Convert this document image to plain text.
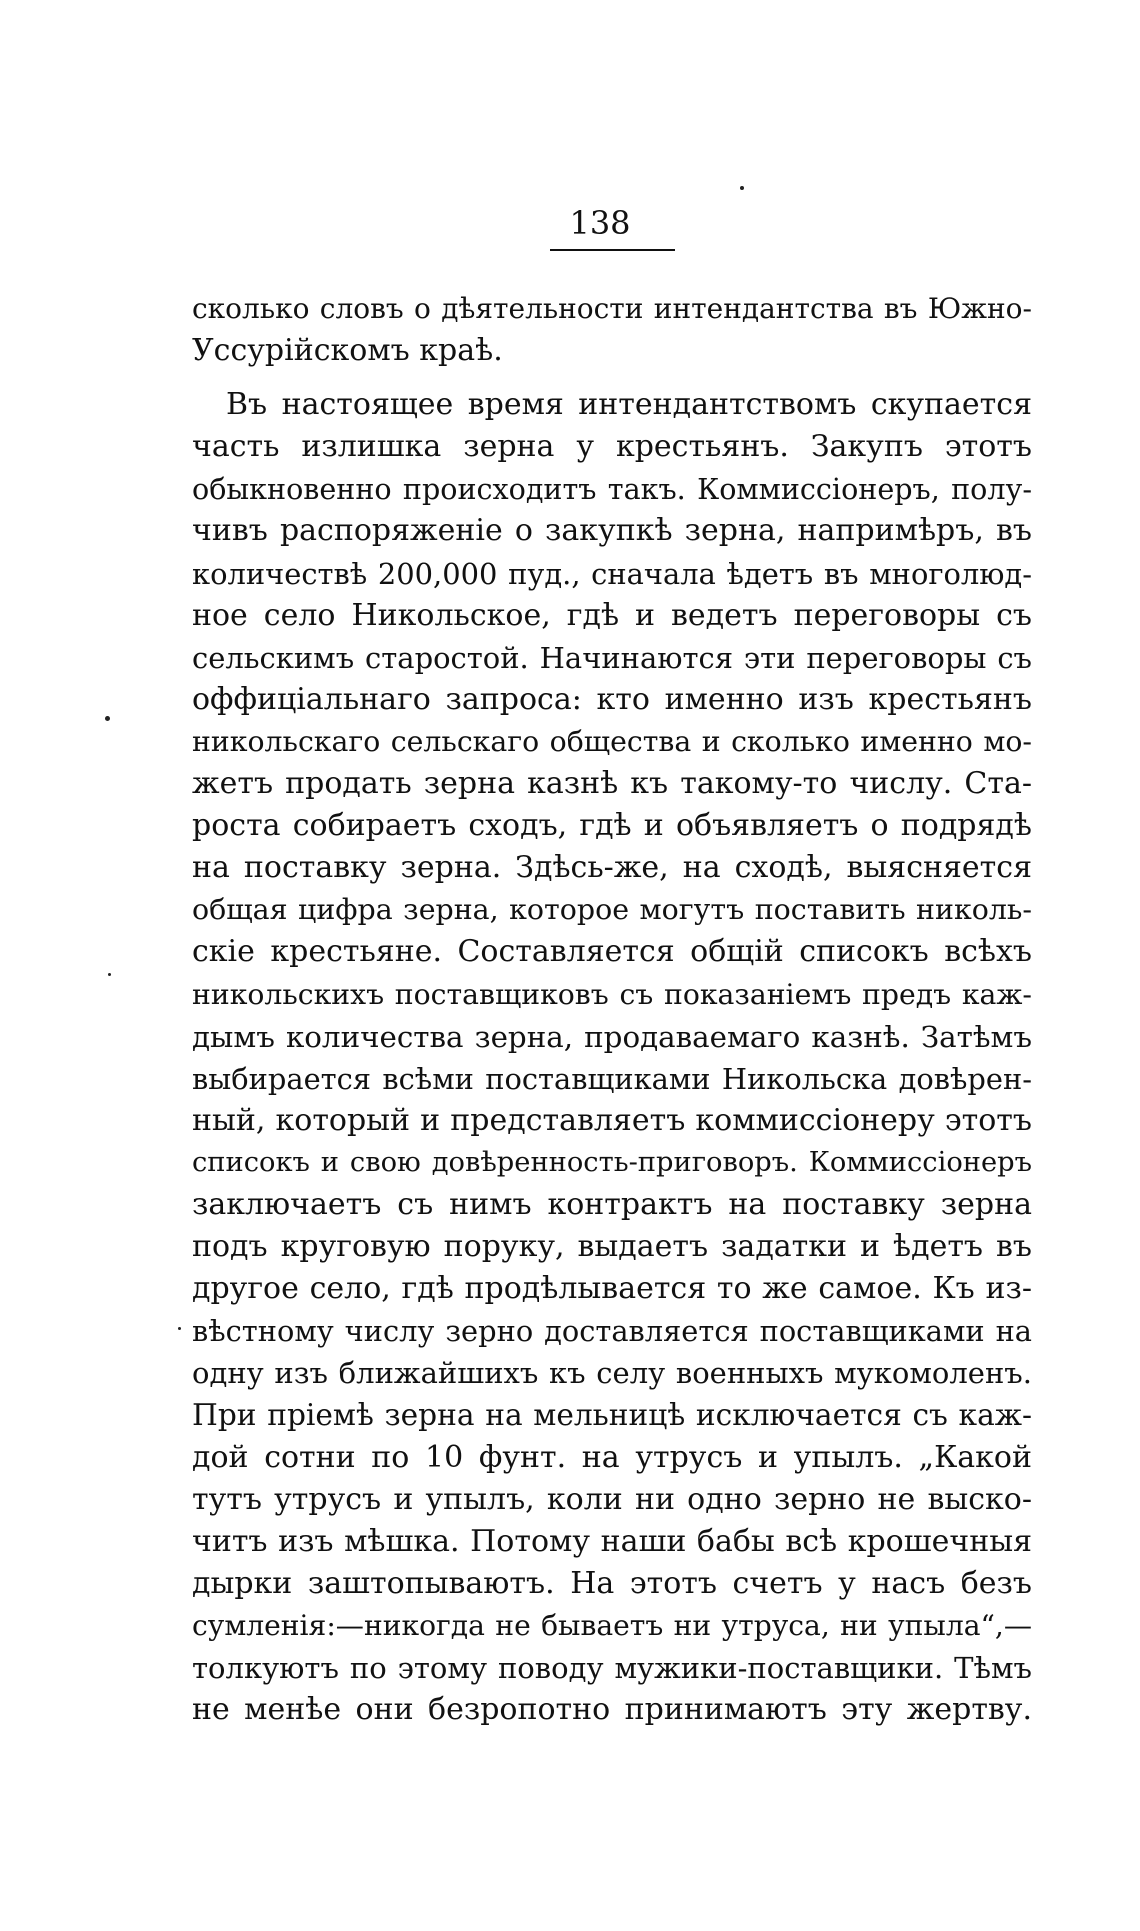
138
сколько словъ о дѣятельности интендантства въ Южно-
Уссурійскомъ краѣ.
Въ настоящее время интендантствомъ скупается
часть излишка зерна у крестьянъ. Закупъ этотъ
обыкновенно происходитъ такъ. Коммиссіонеръ, полу-
чивъ распоряженіе о закупкѣ зерна, напримѣръ, въ
количествѣ 200,000 пуд., сначала ѣдетъ въ многолюд-
ное село Никольское, гдѣ и ведетъ переговоры съ
сельскимъ старостой. Начинаются эти переговоры съ
оффиціальнаго запроса: кто именно изъ крестьянъ
никольскаго сельскаго общества и сколько именно мо-
жетъ продать зерна казнѣ къ такому-то числу. Ста-
роста собираетъ сходъ, гдѣ и объявляетъ о подрядѣ
на поставку зерна. Здѣсь-же, на сходѣ, выясняется
общая цифра зерна, которое могутъ поставить николь-
скіе крестьяне. Составляется общій списокъ всѣхъ
никольскихъ поставщиковъ съ показаніемъ предъ каж-
дымъ количества зерна, продаваемаго казнѣ. Затѣмъ
выбирается всѣми поставщиками Никольска довѣрен-
ный, который и представляетъ коммиссіонеру этотъ
списокъ и свою довѣренность-приговоръ. Коммиссіонеръ
заключаетъ съ нимъ контрактъ на поставку зерна
подъ круговую поруку, выдаетъ задатки и ѣдетъ въ
другое село, гдѣ продѣлывается то же самое. Къ из-
вѣстному числу зерно доставляется поставщиками на
одну изъ ближайшихъ къ селу военныхъ мукомоленъ.
При пріемѣ зерна на мельницѣ исключается съ каж-
дой сотни по 10 фунт. на утрусъ и упылъ. „Какой
тутъ утрусъ и упылъ, коли ни одно зерно не выско-
читъ изъ мѣшка. Потому наши бабы всѣ крошечныя
дырки заштопываютъ. На этотъ счетъ у насъ безъ
сумленія:—никогда не бываетъ ни утруса, ни упыла“,—
толкуютъ по этому поводу мужики-поставщики. Тѣмъ
не менѣе они безропотно принимаютъ эту жертву.
